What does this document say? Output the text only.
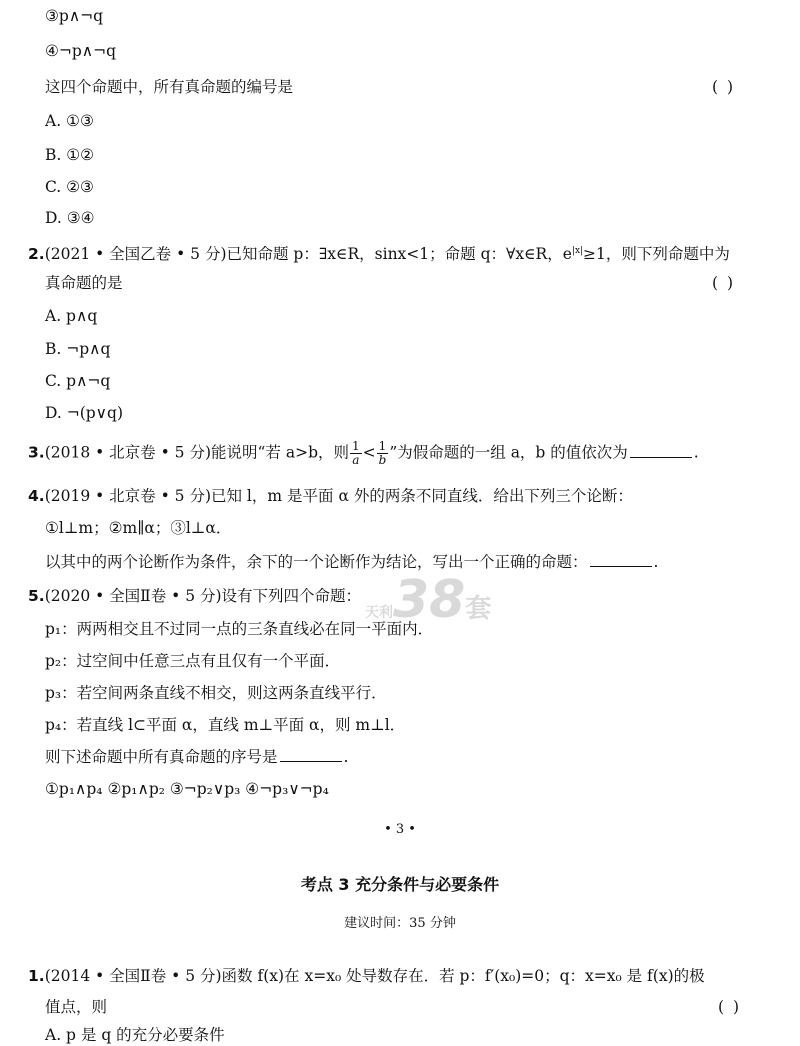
天利38套
③p∧¬q
④¬p∧¬q
这四个命题中，所有真命题的编号是	( )
A. ①③
B. ①②
C. ②③
D. ③④
2.(2021 • 全国乙卷 • 5 分)已知命题 p：∃x∈R，sinx<1；命题 q：∀x∈R，$e^{|x|}\ge 1$，则下列命题中为
真命题的是	( )
A. p∧q
B. ¬p∧q
C. p∧¬q
D. ¬(p∨q)
3.(2018 • 北京卷 • 5 分)能说明“若 a>b，则 $\frac{1}{a} < \frac{1}{b}$ ”为假命题的一组 a，b 的值依次为	.
4.(2019 • 北京卷 • 5 分)已知 l，m 是平面 α 外的两条不同直线．给出下列三个论断：
①l⊥m；②m∥α；③l⊥α．
以其中的两个论断作为条件，余下的一个论断作为结论，写出一个正确的命题：	.
5.(2020 • 全国Ⅱ卷 • 5 分)设有下列四个命题：
p₁：两两相交且不过同一点的三条直线必在同一平面内．
p₂：过空间中任意三点有且仅有一个平面．
p₃：若空间两条直线不相交，则这两条直线平行．
p₄：若直线 l⊂平面 α，直线 m⊥平面 α，则 m⊥l．
则下述命题中所有真命题的序号是	.
①p₁∧p₄ ②p₁∧p₂ ③¬p₂∨p₃ ④¬p₃∨¬p₄
• 3 •
考点 3 充分条件与必要条件
建议时间：35 分钟
1.(2014 • 全国Ⅱ卷 • 5 分)函数 f(x)在 x=x₀ 处导数存在．若 p：f′(x₀)=0；q：x=x₀ 是 f(x)的极
值点，则	( )
A. p 是 q 的充分必要条件
